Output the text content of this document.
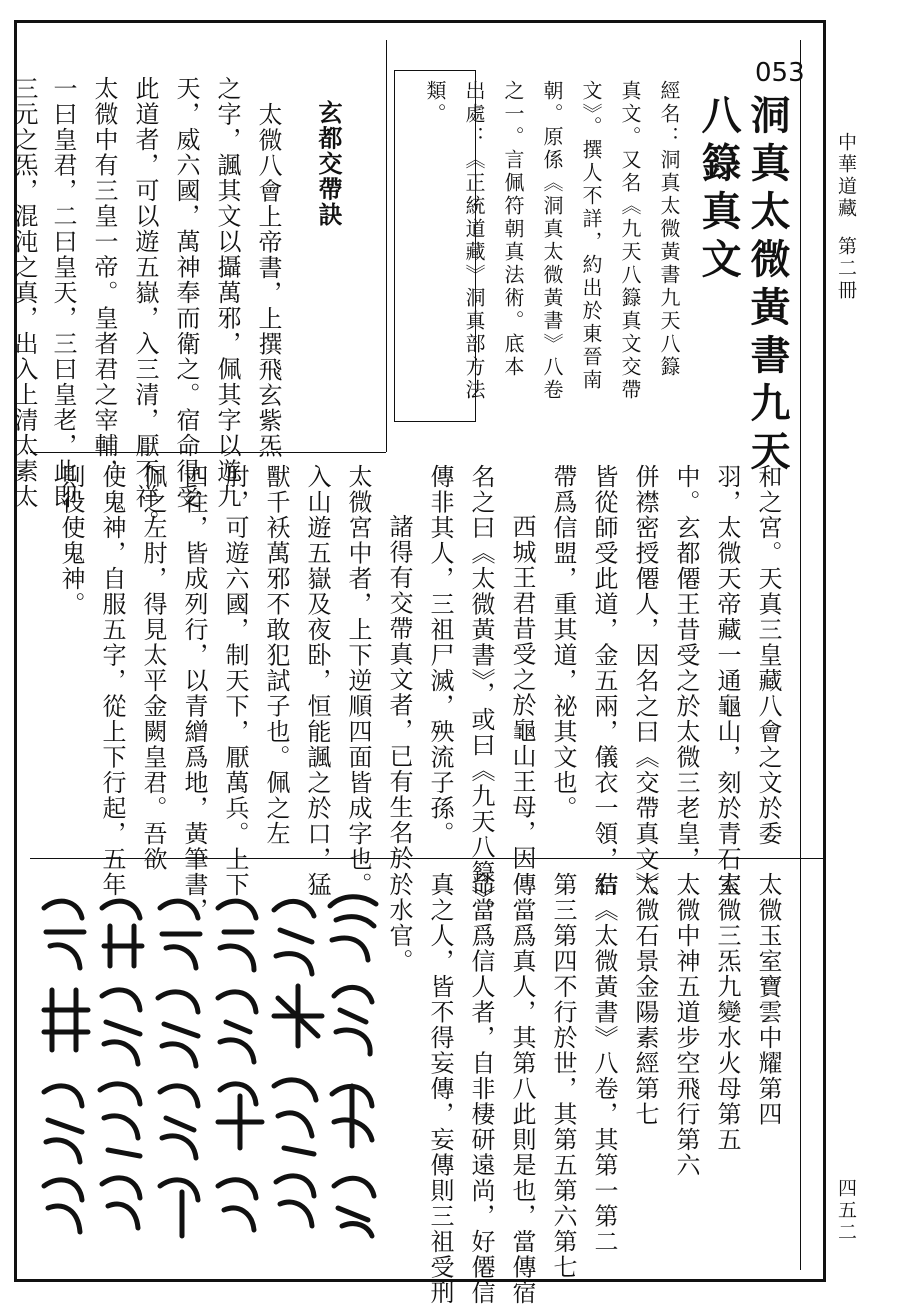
中華道藏第二冊
四五二
053
洞真太微黃書九天
八籙真文
經名：洞真太微黃書九天八籙
真文。又名《九天八籙真文交帶
文》。撰人不詳，約出於東晉南
朝。原係《洞真太微黃書》八卷
之一。言佩符朝真法術。底本
出處：《正統道藏》洞真部方法
類。
玄都交帶訣
太微八會上帝書，上撰飛玄紫炁
之字，諷其文以攝萬邪，佩其字以遊九
天，威六國，萬神奉而衛之。宿命得受
此道者，可以遊五嶽，入三清，厭不祥。
太微中有三皇一帝。皇者君之宰輔，
一曰皇君，二曰皇天，三曰皇老，此即
三元之炁，混沌之真，出入上清太素太
和之宮。天真三皇藏八會之文於委
羽，太微天帝藏一通龜山，刻於青石室
中。玄都僊王昔受之於太微三老皇，
併襟密授僊人，因名之曰《交帶真文》。
皆從師受此道，金五兩，儀衣一領，結
帶爲信盟，重其道，祕其文也。
西城王君昔受之於龜山王母，因
名之曰《太微黃書》，或曰《九天八籙》。
傳非其人，三祖尸滅，殃流子孫。
諸得有交帶真文者，已有生名於
太微宮中者，上下逆順四面皆成字也。
入山遊五嶽及夜卧，恒能諷之於口，猛
獸千袄萬邪不敢犯試子也。佩之左
肘，可遊六國，制天下，厭萬兵。上下
四往，皆成列行，以青繒爲地，黃筆書，
佩之左肘，得見太平金闕皇君。吾欲
使鬼神，自服五字，從上下行起，五年
則役使鬼神。
太微玉室寶雲中耀第四
太微三炁九變水火母第五
太微中神五道步空飛行第六
太微石景金陽素經第七
右《太微黃書》八卷，其第一第二
第三第四不行於世，其第五第六第七
傳當爲真人，其第八此則是也，當傳宿
命當爲信人者，自非棲研遠尚，好僊信
真之人，皆不得妄傳，妄傳則三祖受刑
於水官。
